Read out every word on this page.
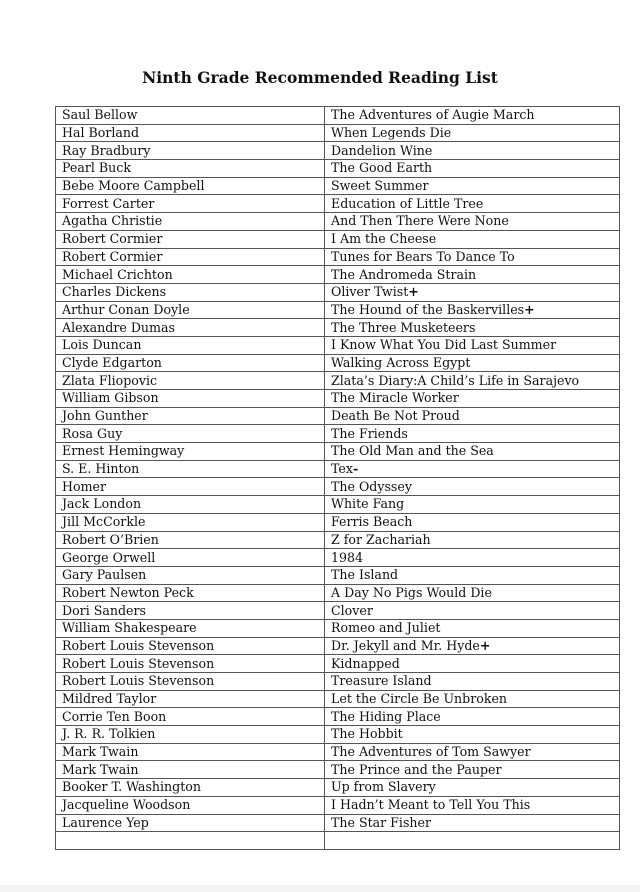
Ninth Grade Recommended Reading List
Saul Bellow	The Adventures of Augie March
Hal Borland	When Legends Die
Ray Bradbury	Dandelion Wine
Pearl Buck	The Good Earth
Bebe Moore Campbell	Sweet Summer
Forrest Carter	Education of Little Tree
Agatha Christie	And Then There Were None
Robert Cormier	I Am the Cheese
Robert Cormier	Tunes for Bears To Dance To
Michael Crichton	The Andromeda Strain
Charles Dickens	Oliver Twist+
Arthur Conan Doyle	The Hound of the Baskervilles+
Alexandre Dumas	The Three Musketeers
Lois Duncan	I Know What You Did Last Summer
Clyde Edgarton	Walking Across Egypt
Zlata Fliopovic	Zlata’s Diary:A Child’s Life in Sarajevo
William Gibson	The Miracle Worker
John Gunther	Death Be Not Proud
Rosa Guy	The Friends
Ernest Hemingway	The Old Man and the Sea
S. E. Hinton	Tex-
Homer	The Odyssey
Jack London	White Fang
Jill McCorkle	Ferris Beach
Robert O’Brien	Z for Zachariah
George Orwell	1984
Gary Paulsen	The Island
Robert Newton Peck	A Day No Pigs Would Die
Dori Sanders	Clover
William Shakespeare	Romeo and Juliet
Robert Louis Stevenson	Dr. Jekyll and Mr. Hyde+
Robert Louis Stevenson	Kidnapped
Robert Louis Stevenson	Treasure Island
Mildred Taylor	Let the Circle Be Unbroken
Corrie Ten Boon	The Hiding Place
J. R. R. Tolkien	The Hobbit
Mark Twain	The Adventures of Tom Sawyer
Mark Twain	The Prince and the Pauper
Booker T. Washington	Up from Slavery
Jacqueline Woodson	I Hadn’t Meant to Tell You This
Laurence Yep	The Star Fisher
